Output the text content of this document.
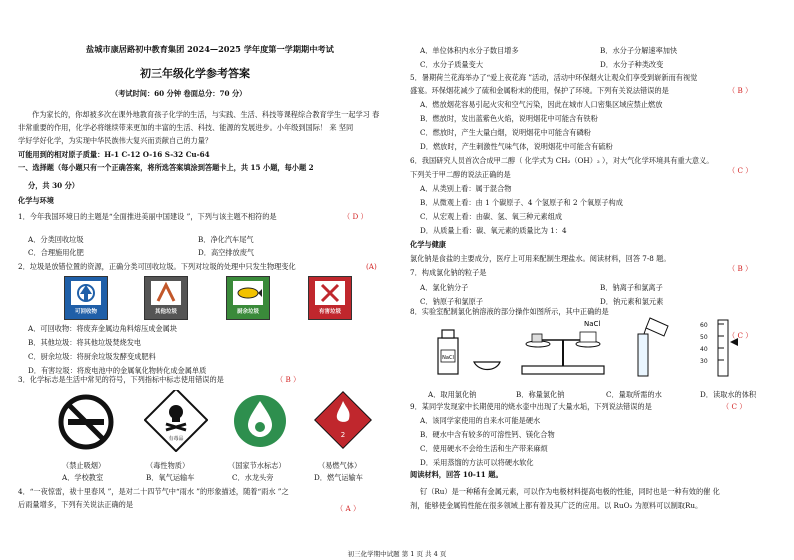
盐城市康居路初中教育集团 2024—2025 学年度第一学期期中考试
初三年级化学参考答案
（考试时间：60 分钟 卷面总分：70 分）
作为家长的，你却被多次在课外地教育孩子化学的生活，与实践、生活、科技等课程综合教育学生一起学习 春
非常重要的作用，化学必将继续带来更加的丰富的生活、科技、能源的发展进步。小年级到国际！ 来 坚同
学好学好化学，为实现中华民族伟大复兴而贡献自己的力量？
可能用到的相对原子质量：H-1 C-12 O-16 S-32 Cu-64
一、选择题（每小题只有一个正确答案，将所选答案填涂到答题卡上，共 15 小题，每小题 2
分，共 30 分）
化学与环境
1．今年我国环境日的主题是“全面推进美丽中国建设 ”，下列与该主题不相符的是	（ D ）
A．分类回收垃圾	B．净化汽车尾气
C．合理施用化肥	D．高空排放废气
2．垃圾是放错位置的资源，正确分类可回收垃圾。下列对垃圾的处理中只发生物理变化	(A)
可回收物	其他垃圾	厨余垃圾	有害垃圾
A．可回收物：将废弃金属边角料熔压成金属块
B．其他垃圾：将其他垃圾焚烧发电
C．厨余垃圾：将厨余垃圾发酵变成肥料
D．有害垃圾：将废电池中的金属氧化物转化成金属单质
3．化学标志是生活中常见的符号，下列指标中标志使用错误的是	（ B ）
有毒品	2
（禁止吸烟）	（毒性物质）	（国家节水标志）	（易燃气体）
A．学校教室	B．氧气运输车	C．水龙头旁	D．燃气运输车
4．“一夜惊雷，祓十里春风 ”，是对二十四节气中“雨水 ”的形象描述，随着“雨水 ”之
后雨量增多，下列有关说法正确的是	（ A ）
A．单位体积内水分子数目增多	B．水分子分解速率加快
C．水分子质量变大	D．水分子种类改变
5．暑期荷兰花海举办了“爱上夜花海 ”活动，活动中环保烟火让观众们享受到崭新而有视觉
盛宴。环保烟花减少了硫和金属粉末的使用，保护了环境。下列有关说法错误的是	（ B ）
A．燃放烟花容易引起火灾和空气污染，因此在城市人口密集区域应禁止燃放
B．燃放时，发出蓝紫色火焰，说明烟花中可能含有铁粉
C．燃放时，产生大量白烟，说明烟花中可能含有磷粉
D．燃放时，产生刺激性气味气体，说明烟花中可能含有硫粉
6．我国研究人员首次合成甲二醇（ 化学式为 CH₂（OH）₂ ），对大气化学环境具有重大意义。
下列关于甲二醇的说法正确的是	（ C ）
A．从类别上看：属于混合物
B．从微观上看：由 1 个碳原子、4 个氢原子和 2 个氧原子构成
C．从宏观上看：由碳、氢、氧三种元素组成
D．从质量上看：碳、氧元素的质量比为 1：4
化学与健康
氯化钠是食盐的主要成分，医疗上可用来配制生理盐水。阅读材料，回答 7-8 题。
7．构成氯化钠的粒子是	（ B ）
A．氯化钠分子	B．钠离子和氯离子
C．钠原子和氯原子	D．钠元素和氯元素
8．实验室配制氯化钠溶液的部分操作如图所示，其中正确的是
（ C ）
NaCl
NaCl	60
50
40
30
A．取用氯化钠	B．称量氯化钠	C．量取所需的水	D．读取水的体积
9．某同学发现家中长期使用的烧水壶中出现了大量水垢，下列说法错误的是	（ C ）
A．该同学家使用的自来水可能是硬水
B．硬水中含有较多的可溶性钙、镁化合物
C．使用硬水不会给生活和生产带来麻烦
D．采用蒸馏的方法可以将硬水软化
阅读材料，回答 10-11 题。
钌（Ru）是一种稀有金属元素，可以作为电极材料提高电极的性能，同时也是一种有效的催 化
剂，能够使金属钨性能在很多领域上都有着及其广泛的应用。以 RuO₂ 为原料可以制取Ru。
初三化学期中试题 第 1 页 共 4 页
